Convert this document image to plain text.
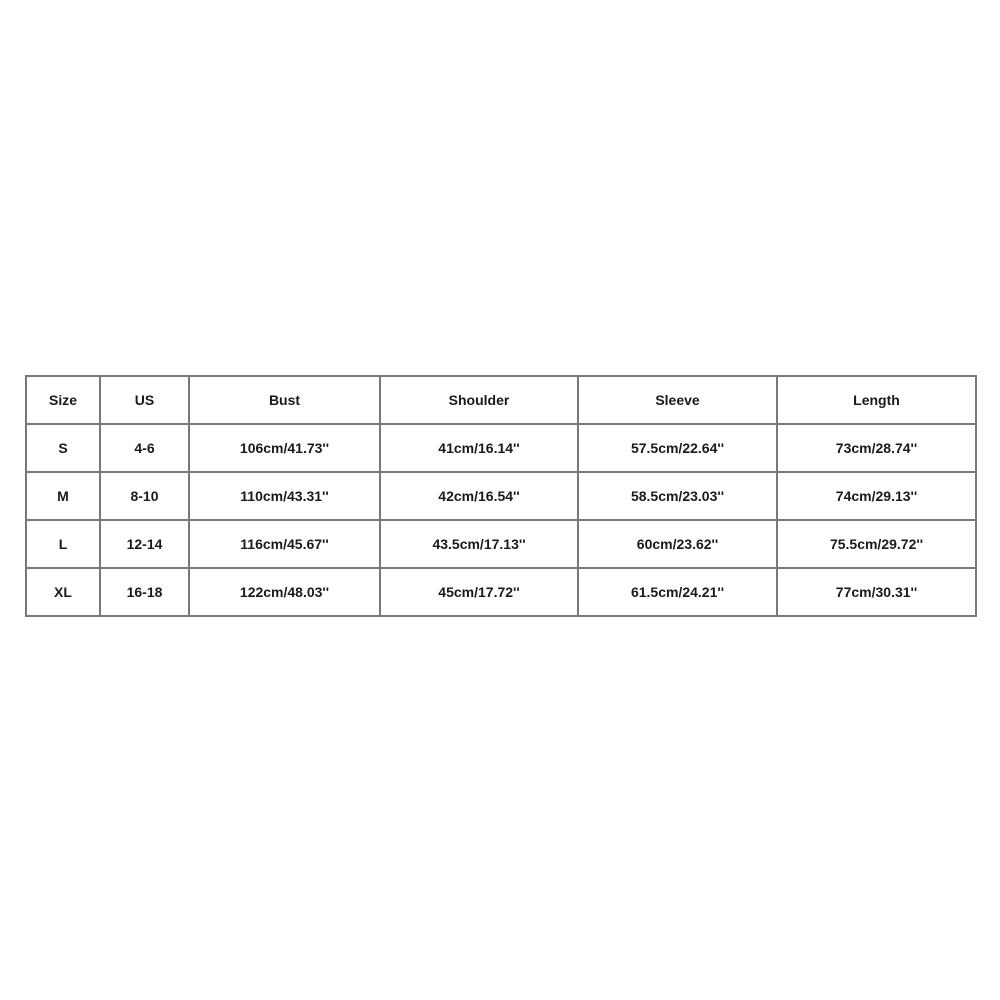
Size	US	Bust	Shoulder	Sleeve	Length
S	4-6	106cm/41.73''	41cm/16.14''	57.5cm/22.64''	73cm/28.74''
M	8-10	110cm/43.31''	42cm/16.54''	58.5cm/23.03''	74cm/29.13''
L	12-14	116cm/45.67''	43.5cm/17.13''	60cm/23.62''	75.5cm/29.72''
XL	16-18	122cm/48.03''	45cm/17.72''	61.5cm/24.21''	77cm/30.31''
